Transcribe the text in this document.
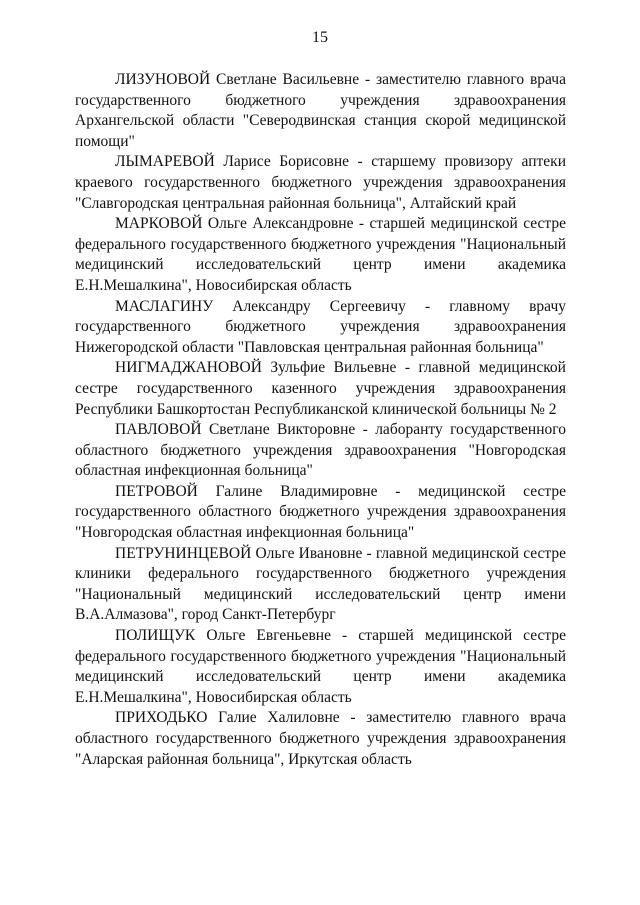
15

ЛИЗУНОВОЙ Светлане Васильевне - заместителю главного врача государственного бюджетного учреждения здравоохранения Архангельской области "Северодвинская станция скорой медицинской помощи"

ЛЫМАРЕВОЙ Ларисе Борисовне - старшему провизору аптеки краевого государственного бюджетного учреждения здравоохранения "Славгородская центральная районная больница", Алтайский край

МАРКОВОЙ Ольге Александровне - старшей медицинской сестре федерального государственного бюджетного учреждения "Национальный медицинский исследовательский центр имени академика Е.Н.Мешалкина", Новосибирская область

МАСЛАГИНУ Александру Сергеевичу - главному врачу государственного бюджетного учреждения здравоохранения Нижегородской области "Павловская центральная районная больница"

НИГМАДЖАНОВОЙ Зульфие Вильевне - главной медицинской сестре государственного казенного учреждения здравоохранения Республики Башкортостан Республиканской клинической больницы № 2

ПАВЛОВОЙ Светлане Викторовне - лаборанту государственного областного бюджетного учреждения здравоохранения "Новгородская областная инфекционная больница"

ПЕТРОВОЙ Галине Владимировне - медицинской сестре государственного областного бюджетного учреждения здравоохранения "Новгородская областная инфекционная больница"

ПЕТРУНИНЦЕВОЙ Ольге Ивановне - главной медицинской сестре клиники федерального государственного бюджетного учреждения "Национальный медицинский исследовательский центр имени В.А.Алмазова", город Санкт-Петербург

ПОЛИЩУК Ольге Евгеньевне - старшей медицинской сестре федерального государственного бюджетного учреждения "Национальный медицинский исследовательский центр имени академика Е.Н.Мешалкина", Новосибирская область

ПРИХОДЬКО Галие Халиловне - заместителю главного врача областного государственного бюджетного учреждения здравоохранения "Аларская районная больница", Иркутская область
